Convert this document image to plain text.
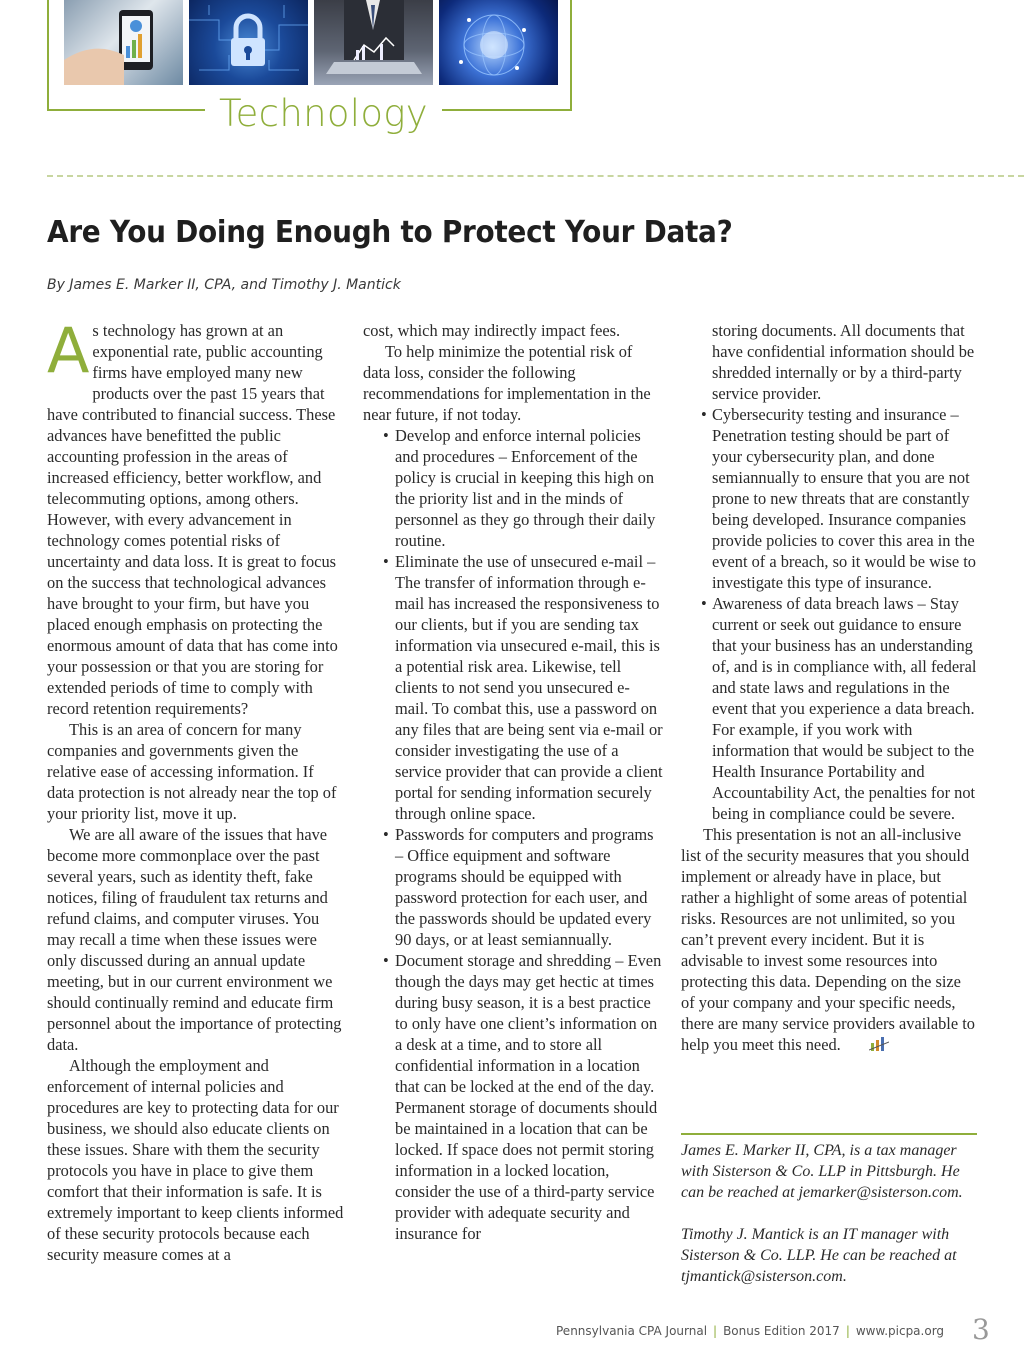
Technology
Are You Doing Enough to Protect Your Data?
By James E. Marker II, CPA, and Timothy J. Mantick

As technology has grown at an exponential rate, public accounting firms have employed many new products over the past 15 years that have contributed to financial success. These advances have benefitted the public accounting profession in the areas of increased efficiency, better workflow, and telecommuting options, among others. However, with every advancement in technology comes potential risks of uncertainty and data loss. It is great to focus on the success that technological advances have brought to your firm, but have you placed enough emphasis on protecting the enormous amount of data that has come into your possession or that you are storing for extended periods of time to comply with record retention requirements?

This is an area of concern for many companies and governments given the relative ease of accessing information. If data protection is not already near the top of your priority list, move it up.

We are all aware of the issues that have become more commonplace over the past several years, such as identity theft, fake notices, filing of fraudulent tax returns and refund claims, and computer viruses. You may recall a time when these issues were only discussed during an annual update meeting, but in our current environment we should continually remind and educate firm personnel about the importance of protecting data.

Although the employment and enforcement of internal policies and procedures are key to protecting data for our business, we should also educate clients on these issues. Share with them the security protocols you have in place to give them comfort that their information is safe. It is extremely important to keep clients informed of these security protocols because each security measure comes at a

cost, which may indirectly impact fees.

To help minimize the potential risk of data loss, consider the following recommendations for implementation in the near future, if not today.

• Develop and enforce internal policies and procedures – Enforcement of the policy is crucial in keeping this high on the priority list and in the minds of personnel as they go through their daily routine.
• Eliminate the use of unsecured e-mail – The transfer of information through e-mail has increased the responsiveness to our clients, but if you are sending tax information via unsecured e-mail, this is a potential risk area. Likewise, tell clients to not send you unsecured e-mail. To combat this, use a password on any files that are being sent via e-mail or consider investigating the use of a service provider that can provide a client portal for sending information securely through online space.
• Passwords for computers and programs – Office equipment and software programs should be equipped with password protection for each user, and the passwords should be updated every 90 days, or at least semiannually.
• Document storage and shredding – Even though the days may get hectic at times during busy season, it is a best practice to only have one client’s information on a desk at a time, and to store all confidential information in a location that can be locked at the end of the day. Permanent storage of documents should be maintained in a location that can be locked. If space does not permit storing information in a locked location, consider the use of a third-party service provider with adequate security and insurance for
storing documents. All documents that have confidential information should be shredded internally or by a third-party service provider.
• Cybersecurity testing and insurance – Penetration testing should be part of your cybersecurity plan, and done semiannually to ensure that you are not prone to new threats that are constantly being developed. Insurance companies provide policies to cover this area in the event of a breach, so it would be wise to investigate this type of insurance.
• Awareness of data breach laws – Stay current or seek out guidance to ensure that your business has an understanding of, and is in compliance with, all federal and state laws and regulations in the event that you experience a data breach. For example, if you work with information that would be subject to the Health Insurance Portability and Accountability Act, the penalties for not being in compliance could be severe.

This presentation is not an all-inclusive list of the security measures that you should implement or already have in place, but rather a highlight of some areas of potential risks. Resources are not unlimited, so you can’t prevent every incident. But it is advisable to invest some resources into protecting this data. Depending on the size of your company and your specific needs, there are many service providers available to help you meet this need.

James E. Marker II, CPA, is a tax manager with Sisterson & Co. LLP in Pittsburgh. He can be reached at jemarker@sisterson.com.

Timothy J. Mantick is an IT manager with Sisterson & Co. LLP. He can be reached at tjmantick@sisterson.com.

Pennsylvania CPA Journal | Bonus Edition 2017 | www.picpa.org 3
